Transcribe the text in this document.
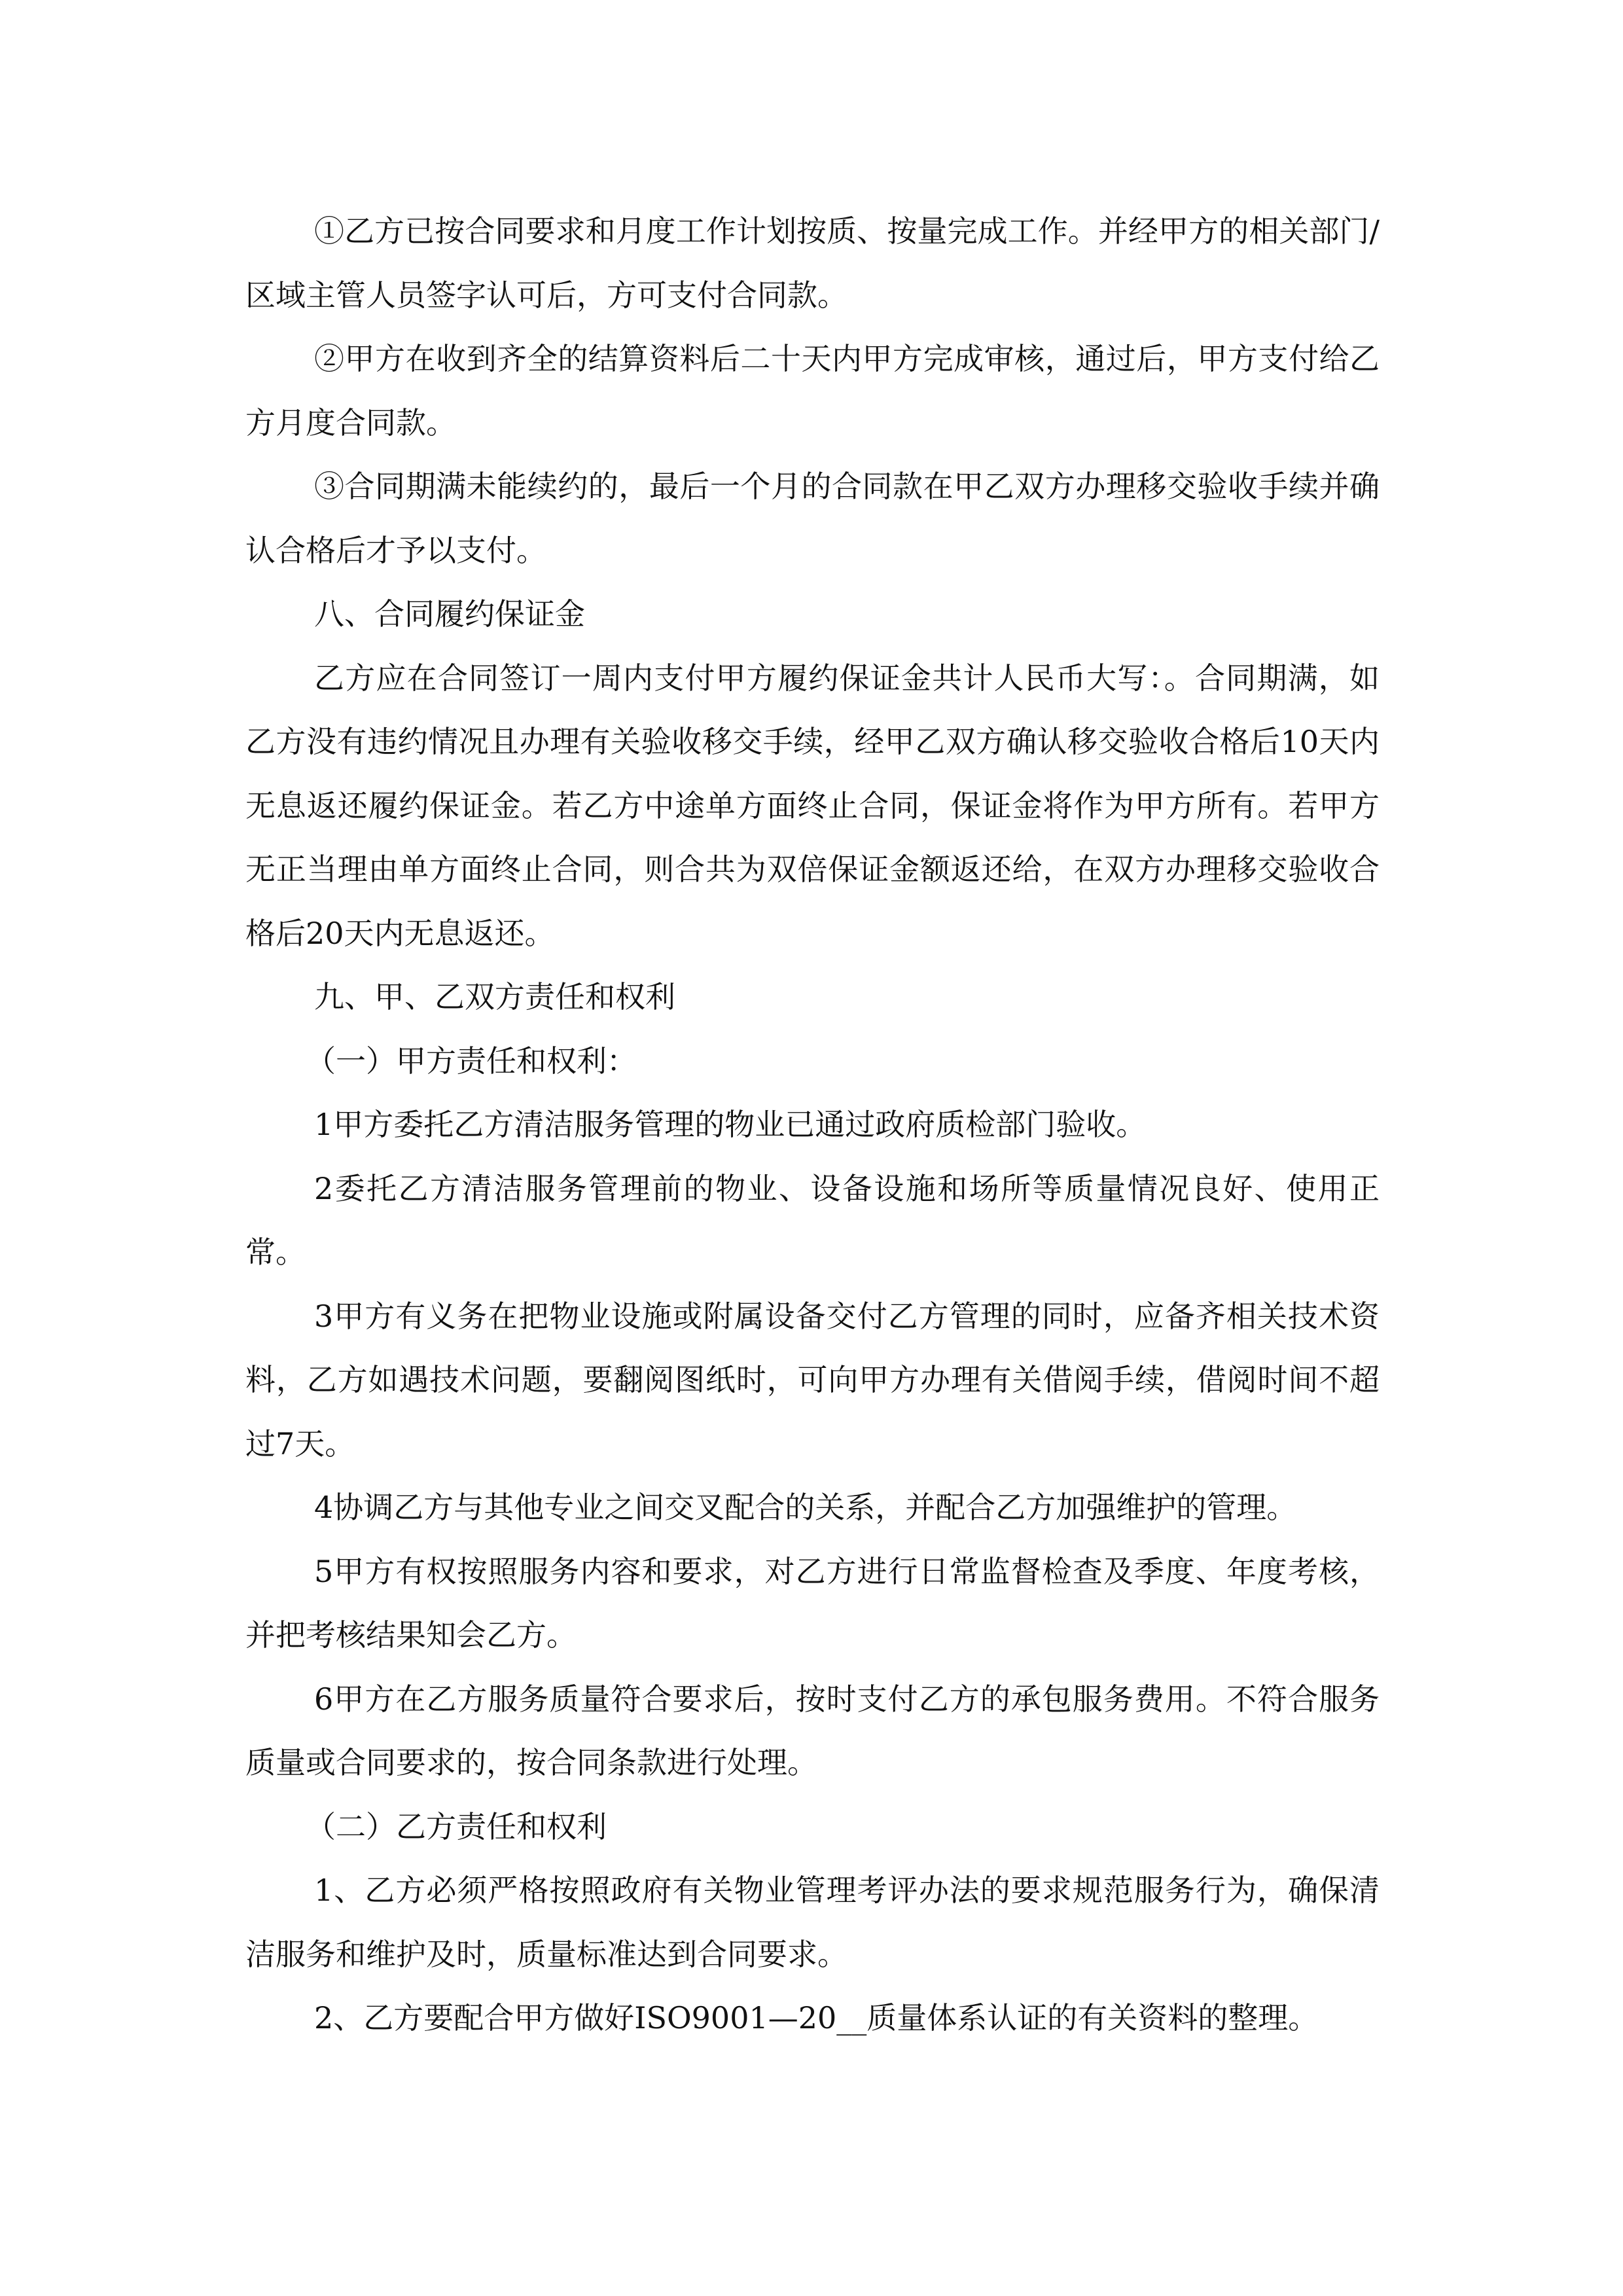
①乙方已按合同要求和月度工作计划按质、按量完成工作。并经甲方的相关部门/区域主管人员签字认可后，方可支付合同款。

②甲方在收到齐全的结算资料后二十天内甲方完成审核，通过后，甲方支付给乙方月度合同款。

③合同期满未能续约的，最后一个月的合同款在甲乙双方办理移交验收手续并确认合格后才予以支付。

八、合同履约保证金

乙方应在合同签订一周内支付甲方履约保证金共计人民币大写：。合同期满，如乙方没有违约情况且办理有关验收移交手续，经甲乙双方确认移交验收合格后10天内无息返还履约保证金。若乙方中途单方面终止合同，保证金将作为甲方所有。若甲方无正当理由单方面终止合同，则合共为双倍保证金额返还给，在双方办理移交验收合格后20天内无息返还。

九、甲、乙双方责任和权利

（一）甲方责任和权利：

1甲方委托乙方清洁服务管理的物业已通过政府质检部门验收。

2委托乙方清洁服务管理前的物业、设备设施和场所等质量情况良好、使用正常。

3甲方有义务在把物业设施或附属设备交付乙方管理的同时，应备齐相关技术资料，乙方如遇技术问题，要翻阅图纸时，可向甲方办理有关借阅手续，借阅时间不超过7天。

4协调乙方与其他专业之间交叉配合的关系，并配合乙方加强维护的管理。

5甲方有权按照服务内容和要求，对乙方进行日常监督检查及季度、年度考核，并把考核结果知会乙方。

6甲方在乙方服务质量符合要求后，按时支付乙方的承包服务费用。不符合服务质量或合同要求的，按合同条款进行处理。

（二）乙方责任和权利

1、乙方必须严格按照政府有关物业管理考评办法的要求规范服务行为，确保清洁服务和维护及时，质量标准达到合同要求。

2、乙方要配合甲方做好ISO9001—20__质量体系认证的有关资料的整理。
